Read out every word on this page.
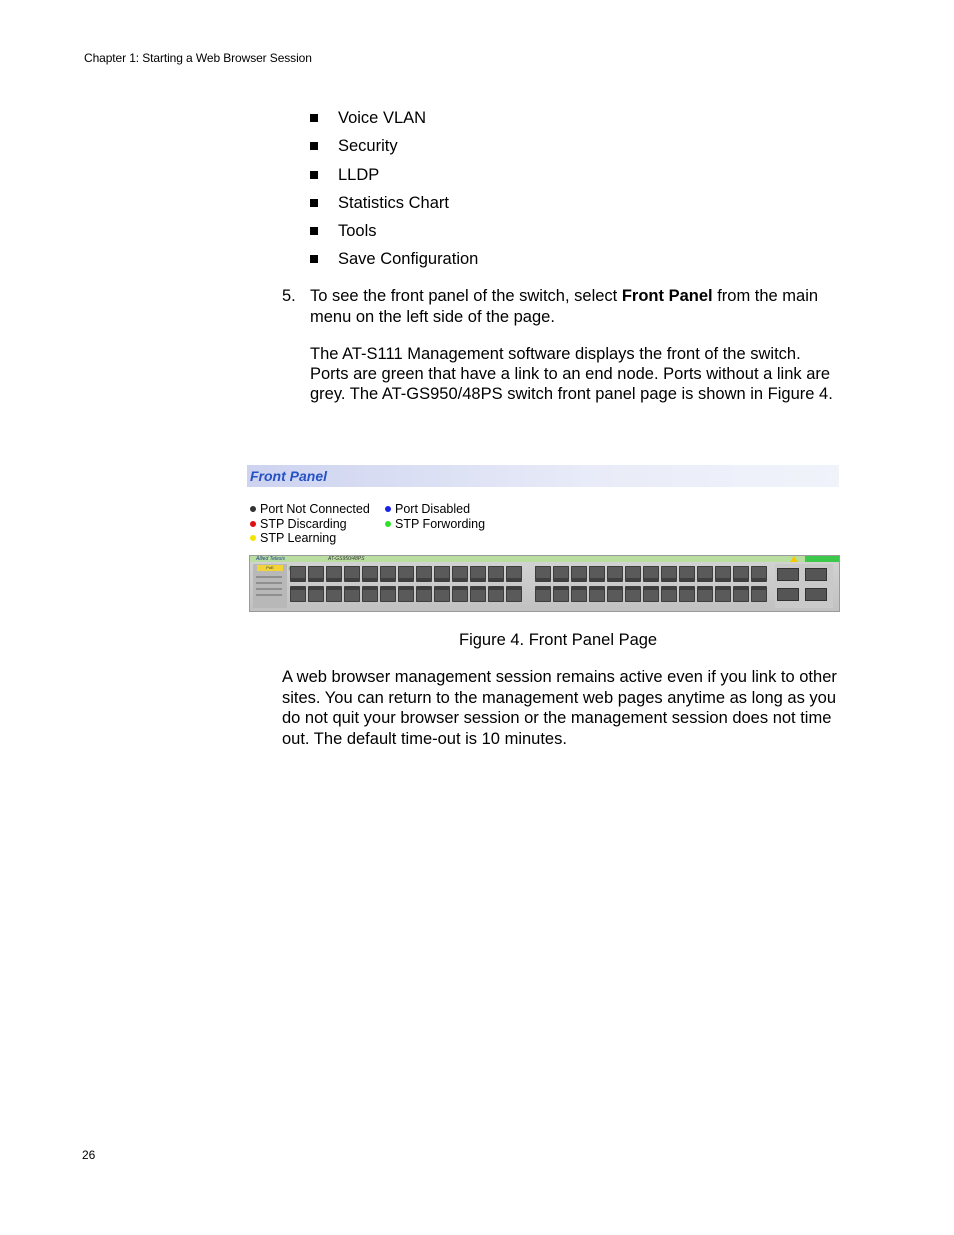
Chapter 1: Starting a Web Browser Session
Voice VLAN
Security
LLDP
Statistics Chart
Tools
Save Configuration
5. To see the front panel of the switch, select Front Panel from the main menu on the left side of the page.
The AT-S111 Management software displays the front of the switch. Ports are green that have a link to an end node. Ports without a link are grey. The AT-GS950/48PS switch front panel page is shown in Figure 4.
Front Panel
Port Not Connected
STP Discarding
STP Learning
Port Disabled
STP Forwording
Allied Telesis	AT-GS950/48PS
PoE
Figure 4. Front Panel Page
A web browser management session remains active even if you link to other sites. You can return to the management web pages anytime as long as you do not quit your browser session or the management session does not time out. The default time-out is 10 minutes.
26
